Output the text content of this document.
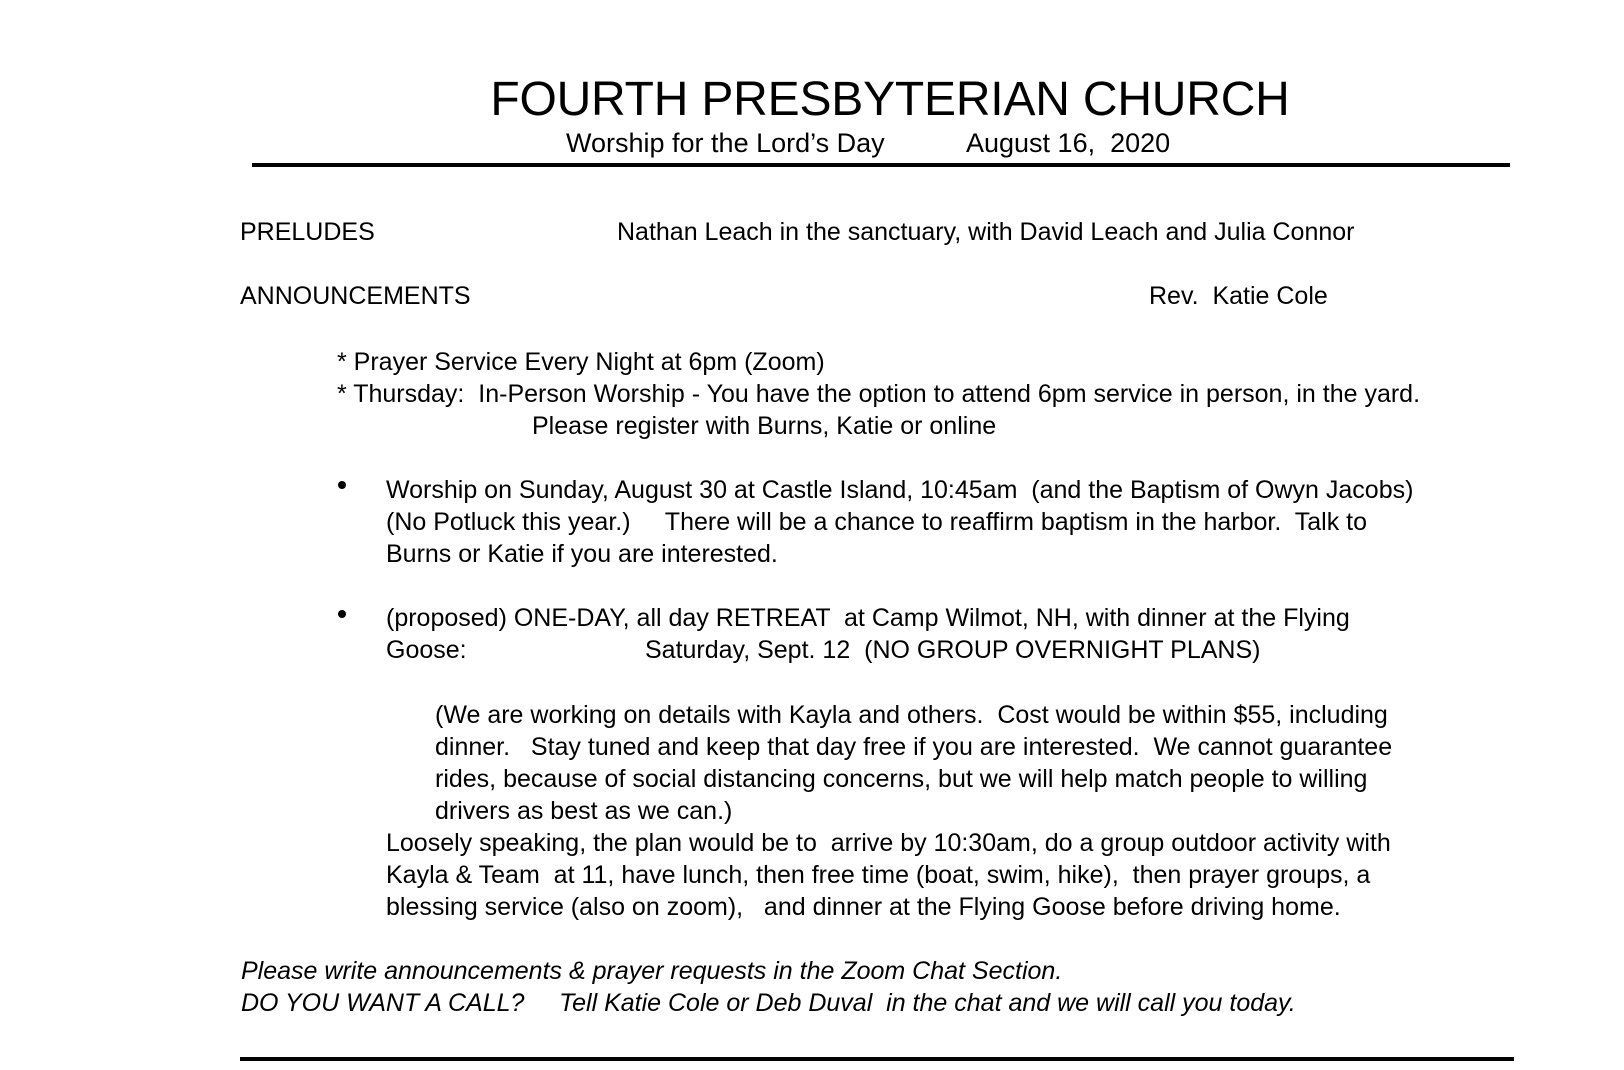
FOURTH PRESBYTERIAN CHURCH
Worship for the Lord’s Day	August 16,  2020
PRELUDES	Nathan Leach in the sanctuary, with David Leach and Julia Connor
ANNOUNCEMENTS	Rev.  Katie Cole
* Prayer Service Every Night at 6pm (Zoom)
* Thursday:  In-Person Worship - You have the option to attend 6pm service in person, in the yard.
Please register with Burns, Katie or online
Worship on Sunday, August 30 at Castle Island, 10:45am  (and the Baptism of Owyn Jacobs)
(No Potluck this year.)     There will be a chance to reaffirm baptism in the harbor.  Talk to
Burns or Katie if you are interested.
(proposed) ONE-DAY, all day RETREAT  at Camp Wilmot, NH, with dinner at the Flying
Goose:	Saturday, Sept. 12  (NO GROUP OVERNIGHT PLANS)
(We are working on details with Kayla and others.  Cost would be within $55, including
dinner.   Stay tuned and keep that day free if you are interested.  We cannot guarantee
rides, because of social distancing concerns, but we will help match people to willing
drivers as best as we can.)
Loosely speaking, the plan would be to  arrive by 10:30am, do a group outdoor activity with
Kayla & Team  at 11, have lunch, then free time (boat, swim, hike),  then prayer groups, a
blessing service (also on zoom),   and dinner at the Flying Goose before driving home.
Please write announcements & prayer requests in the Zoom Chat Section.
DO YOU WANT A CALL?     Tell Katie Cole or Deb Duval  in the chat and we will call you today.
